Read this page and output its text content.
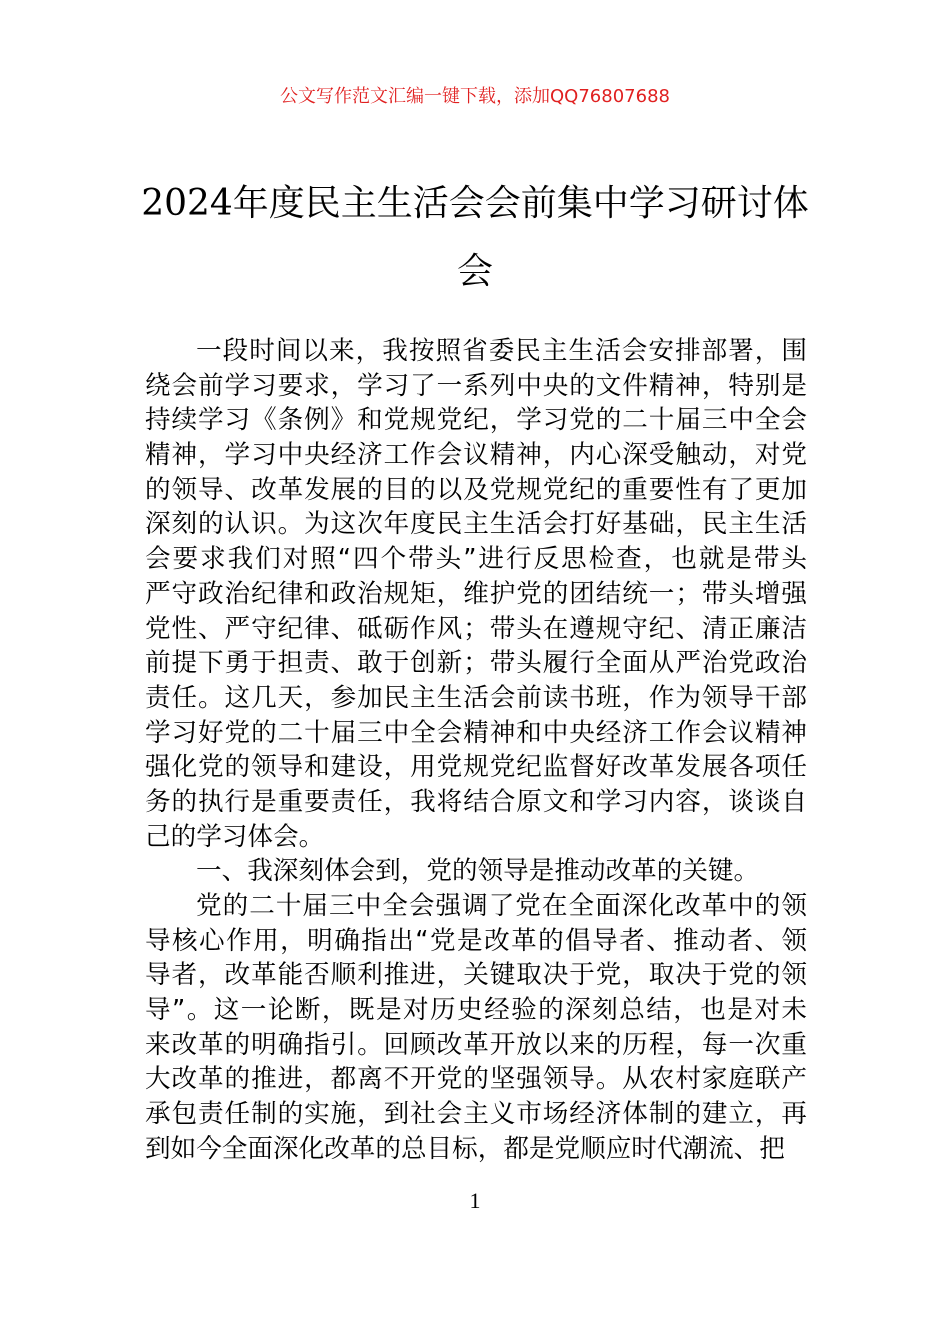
公文写作范文汇编一键下载，添加QQ76807688
2024年度民主生活会会前集中学习研讨体
会
一段时间以来，我按照省委民主生活会安排部署，围
绕会前学习要求，学习了一系列中央的文件精神，特别是
持续学习《条例》和党规党纪，学习党的二十届三中全会
精神，学习中央经济工作会议精神，内心深受触动，对党
的领导、改革发展的目的以及党规党纪的重要性有了更加
深刻的认识。为这次年度民主生活会打好基础，民主生活
会要求我们对照“四个带头”进行反思检查，也就是带头
严守政治纪律和政治规矩，维护党的团结统一；带头增强
党性、严守纪律、砥砺作风；带头在遵规守纪、清正廉洁
前提下勇于担责、敢于创新；带头履行全面从严治党政治
责任。这几天，参加民主生活会前读书班，作为领导干部
学习好党的二十届三中全会精神和中央经济工作会议精神
强化党的领导和建设，用党规党纪监督好改革发展各项任
务的执行是重要责任，我将结合原文和学习内容，谈谈自
己的学习体会。
一、我深刻体会到，党的领导是推动改革的关键。
党的二十届三中全会强调了党在全面深化改革中的领
导核心作用，明确指出“党是改革的倡导者、推动者、领
导者，改革能否顺利推进，关键取决于党，取决于党的领
导”。这一论断，既是对历史经验的深刻总结，也是对未
来改革的明确指引。回顾改革开放以来的历程，每一次重
大改革的推进，都离不开党的坚强领导。从农村家庭联产
承包责任制的实施，到社会主义市场经济体制的建立，再
到如今全面深化改革的总目标，都是党顺应时代潮流、把
1
